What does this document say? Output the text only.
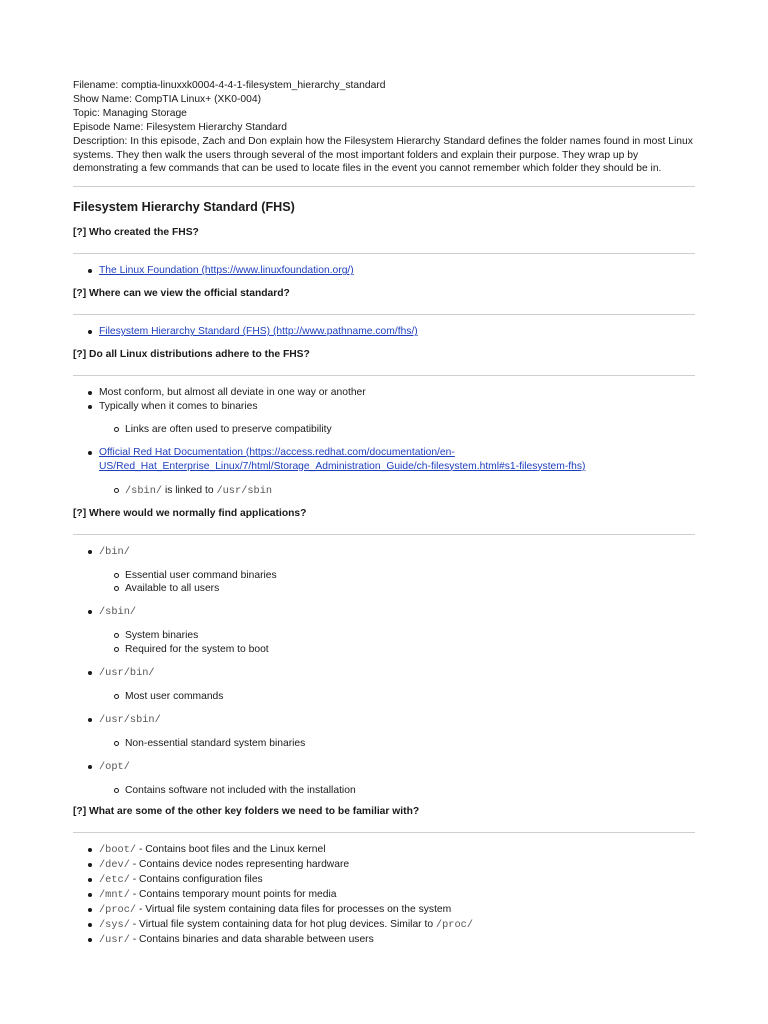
Filename: comptia-linuxxk0004-4-4-1-filesystem_hierarchy_standard
Show Name: CompTIA Linux+ (XK0-004)
Topic: Managing Storage
Episode Name: Filesystem Hierarchy Standard
Description: In this episode, Zach and Don explain how the Filesystem Hierarchy Standard defines the folder names found in most Linux systems. They then walk the users through several of the most important folders and explain their purpose. They wrap up by demonstrating a few commands that can be used to locate files in the event you cannot remember which folder they should be in.
Filesystem Hierarchy Standard (FHS)

[?] Who created the FHS?

The Linux Foundation (https://www.linuxfoundation.org/)

[?] Where can we view the official standard?

Filesystem Hierarchy Standard (FHS) (http://www.pathname.com/fhs/)

[?] Do all Linux distributions adhere to the FHS?

Most conform, but almost all deviate in one way or another
Typically when it comes to binaries
Links are often used to preserve compatibility
Official Red Hat Documentation (https://access.redhat.com/documentation/en-US/Red_Hat_Enterprise_Linux/7/html/Storage_Administration_Guide/ch-filesystem.html#s1-filesystem-fhs)
/sbin/ is linked to /usr/sbin

[?] Where would we normally find applications?

/bin/
Essential user command binaries
Available to all users
/sbin/
System binaries
Required for the system to boot
/usr/bin/
Most user commands
/usr/sbin/
Non-essential standard system binaries
/opt/
Contains software not included with the installation

[?] What are some of the other key folders we need to be familiar with?

/boot/ - Contains boot files and the Linux kernel
/dev/ - Contains device nodes representing hardware
/etc/ - Contains configuration files
/mnt/ - Contains temporary mount points for media
/proc/ - Virtual file system containing data files for processes on the system
/sys/ - Virtual file system containing data for hot plug devices. Similar to /proc/
/usr/ - Contains binaries and data sharable between users
